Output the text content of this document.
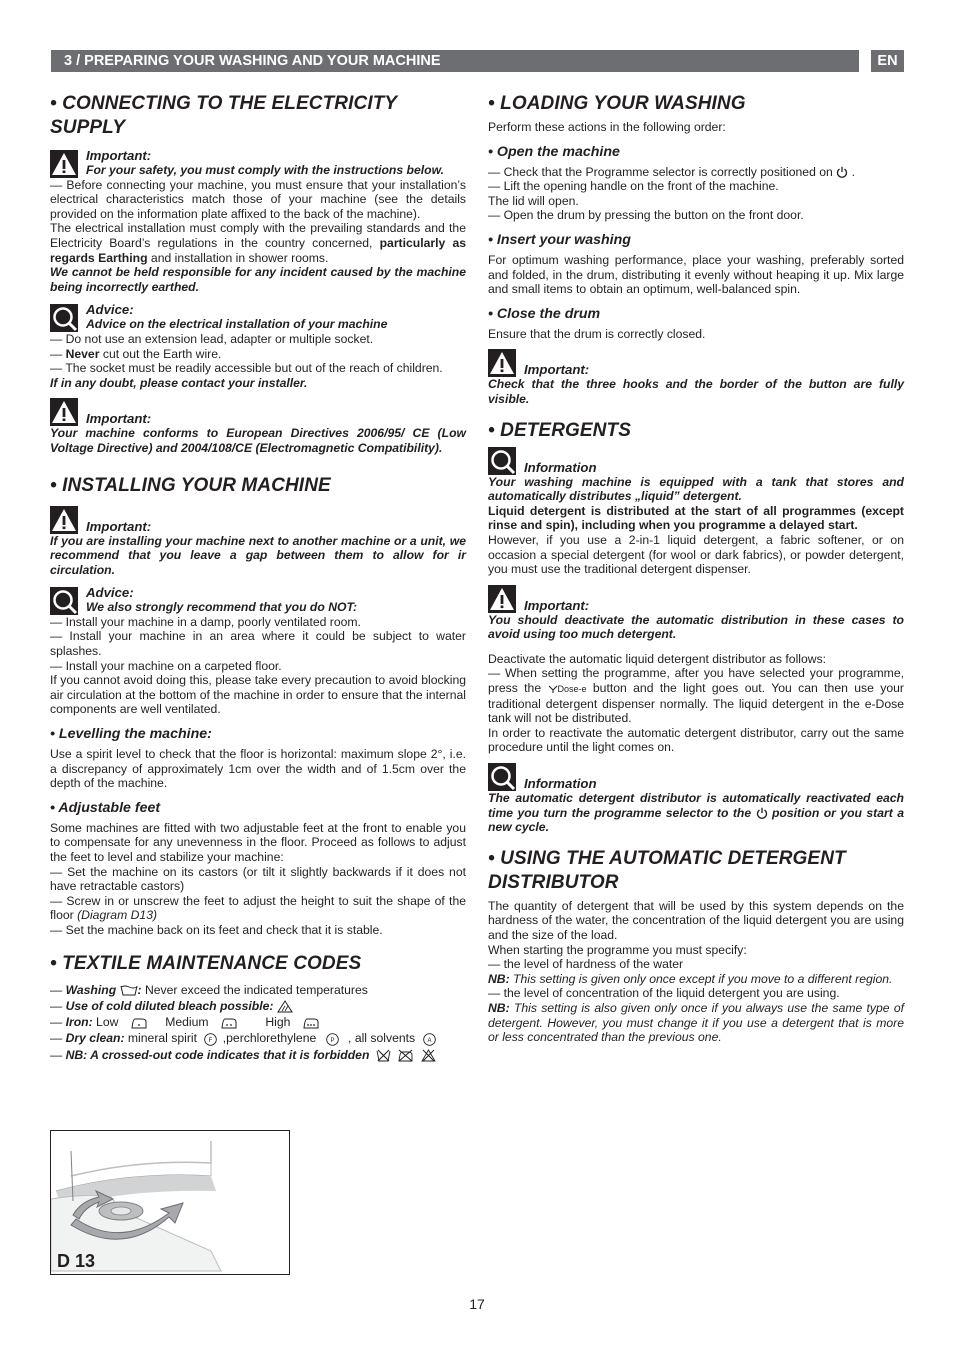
3 / PREPARING YOUR WASHING AND YOUR MACHINE	EN
• CONNECTING TO THE ELECTRICITY SUPPLY
Important:
For your safety, you must comply with the instructions below.

— Before connecting your machine, you must ensure that your installation’s electrical characteristics match those of your machine (see the details provided on the information plate affixed to the back of the machine).

The electrical installation must comply with the prevailing standards and the Electricity Board’s regulations in the country concerned, particularly as regards Earthing and installation in shower rooms.

We cannot be held responsible for any incident caused by the machine being incorrectly earthed.

Advice:
Advice on the electrical installation of your machine

— Do not use an extension lead, adapter or multiple socket.

— Never cut out the Earth wire.

— The socket must be readily accessible but out of the reach of children.

If in any doubt, please contact your installer.

Important:

Your machine conforms to European Directives 2006/95/ CE (Low Voltage Directive) and 2004/108/CE (Electromagnetic Compatibility).

• INSTALLING YOUR MACHINE
Important:

If you are installing your machine next to another machine or a unit, we recommend that you leave a gap between them to allow for ir circulation.

Advice:
We also strongly recommend that you do NOT:

— Install your machine in a damp, poorly ventilated room.

— Install your machine in an area where it could be subject to water splashes.

— Install your machine on a carpeted floor.

If you cannot avoid doing this, please take every precaution to avoid blocking air circulation at the bottom of the machine in order to ensure that the internal components are well ventilated.

• Levelling the machine:

Use a spirit level to check that the floor is horizontal: maximum slope 2°, i.e. a discrepancy of approximately 1cm over the width and of 1.5cm over the depth of the machine.

• Adjustable feet

Some machines are fitted with two adjustable feet at the front to enable you to compensate for any unevenness in the floor. Proceed as follows to adjust the feet to level and stabilize your machine:

— Set the machine on its castors (or tilt it slightly backwards if it does not have retractable castors)

— Screw in or unscrew the feet to adjust the height to suit the shape of the floor (Diagram D13)

— Set the machine back on its feet and check that it is stable.

• TEXTILE MAINTENANCE CODES
— Washing : Never exceed the indicated temperatures
— Use of cold diluted bleach possible:
— Iron: Low	Medium	High
— Dry clean: mineral spirit F ,perchlorethylene P , all solvents A
— NB: A crossed-out code indicates that it is forbidden
• LOADING YOUR WASHING

Perform these actions in the following order:

• Open the machine

— Check that the Programme selector is correctly positioned on  .

— Lift the opening handle on the front of the machine.

The lid will open.

— Open the drum by pressing the button on the front door.

• Insert your washing

For optimum washing performance, place your washing, preferably sorted and folded, in the drum, distributing it evenly without heaping it up. Mix large and small items to obtain an optimum, well-balanced spin.

• Close the drum

Ensure that the drum is correctly closed.

Important:

Check that the three hooks and the border of the button are fully visible.

• DETERGENTS
Information

Your washing machine is equipped with a tank that stores and automatically distributes „liquid” detergent.

Liquid detergent is distributed at the start of all programmes (except rinse and spin), including when you programme a delayed start.

However, if you use a 2-in-1 liquid detergent, a fabric softener, or on occasion a special detergent (for wool or dark fabrics), or powder detergent, you must use the traditional detergent dispenser.

Important:

You should deactivate the automatic distribution in these cases to avoid using too much detergent.

Deactivate the automatic liquid detergent distributor as follows:

— When setting the programme, after you have selected your programme, press the Dose-e button and the light goes out. You can then use your traditional detergent dispenser normally. The liquid detergent in the e-Dose tank will not be distributed.

In order to reactivate the automatic detergent distributor, carry out the same procedure until the light comes on.

Information

The automatic detergent distributor is automatically reactivated each time you turn the programme selector to the position or you start a new cycle.

• USING THE AUTOMATIC DETERGENT DISTRIBUTOR

The quantity of detergent that will be used by this system depends on the hardness of the water, the concentration of the liquid detergent you are using and the size of the load.

When starting the programme you must specify:

— the level of hardness of the water

NB: This setting is given only once except if you move to a different region.

— the level of concentration of the liquid detergent you are using.

NB: This setting is also given only once if you always use the same type of detergent. However, you must change it if you use a detergent that is more or less concentrated than the previous one.

D 13
17
